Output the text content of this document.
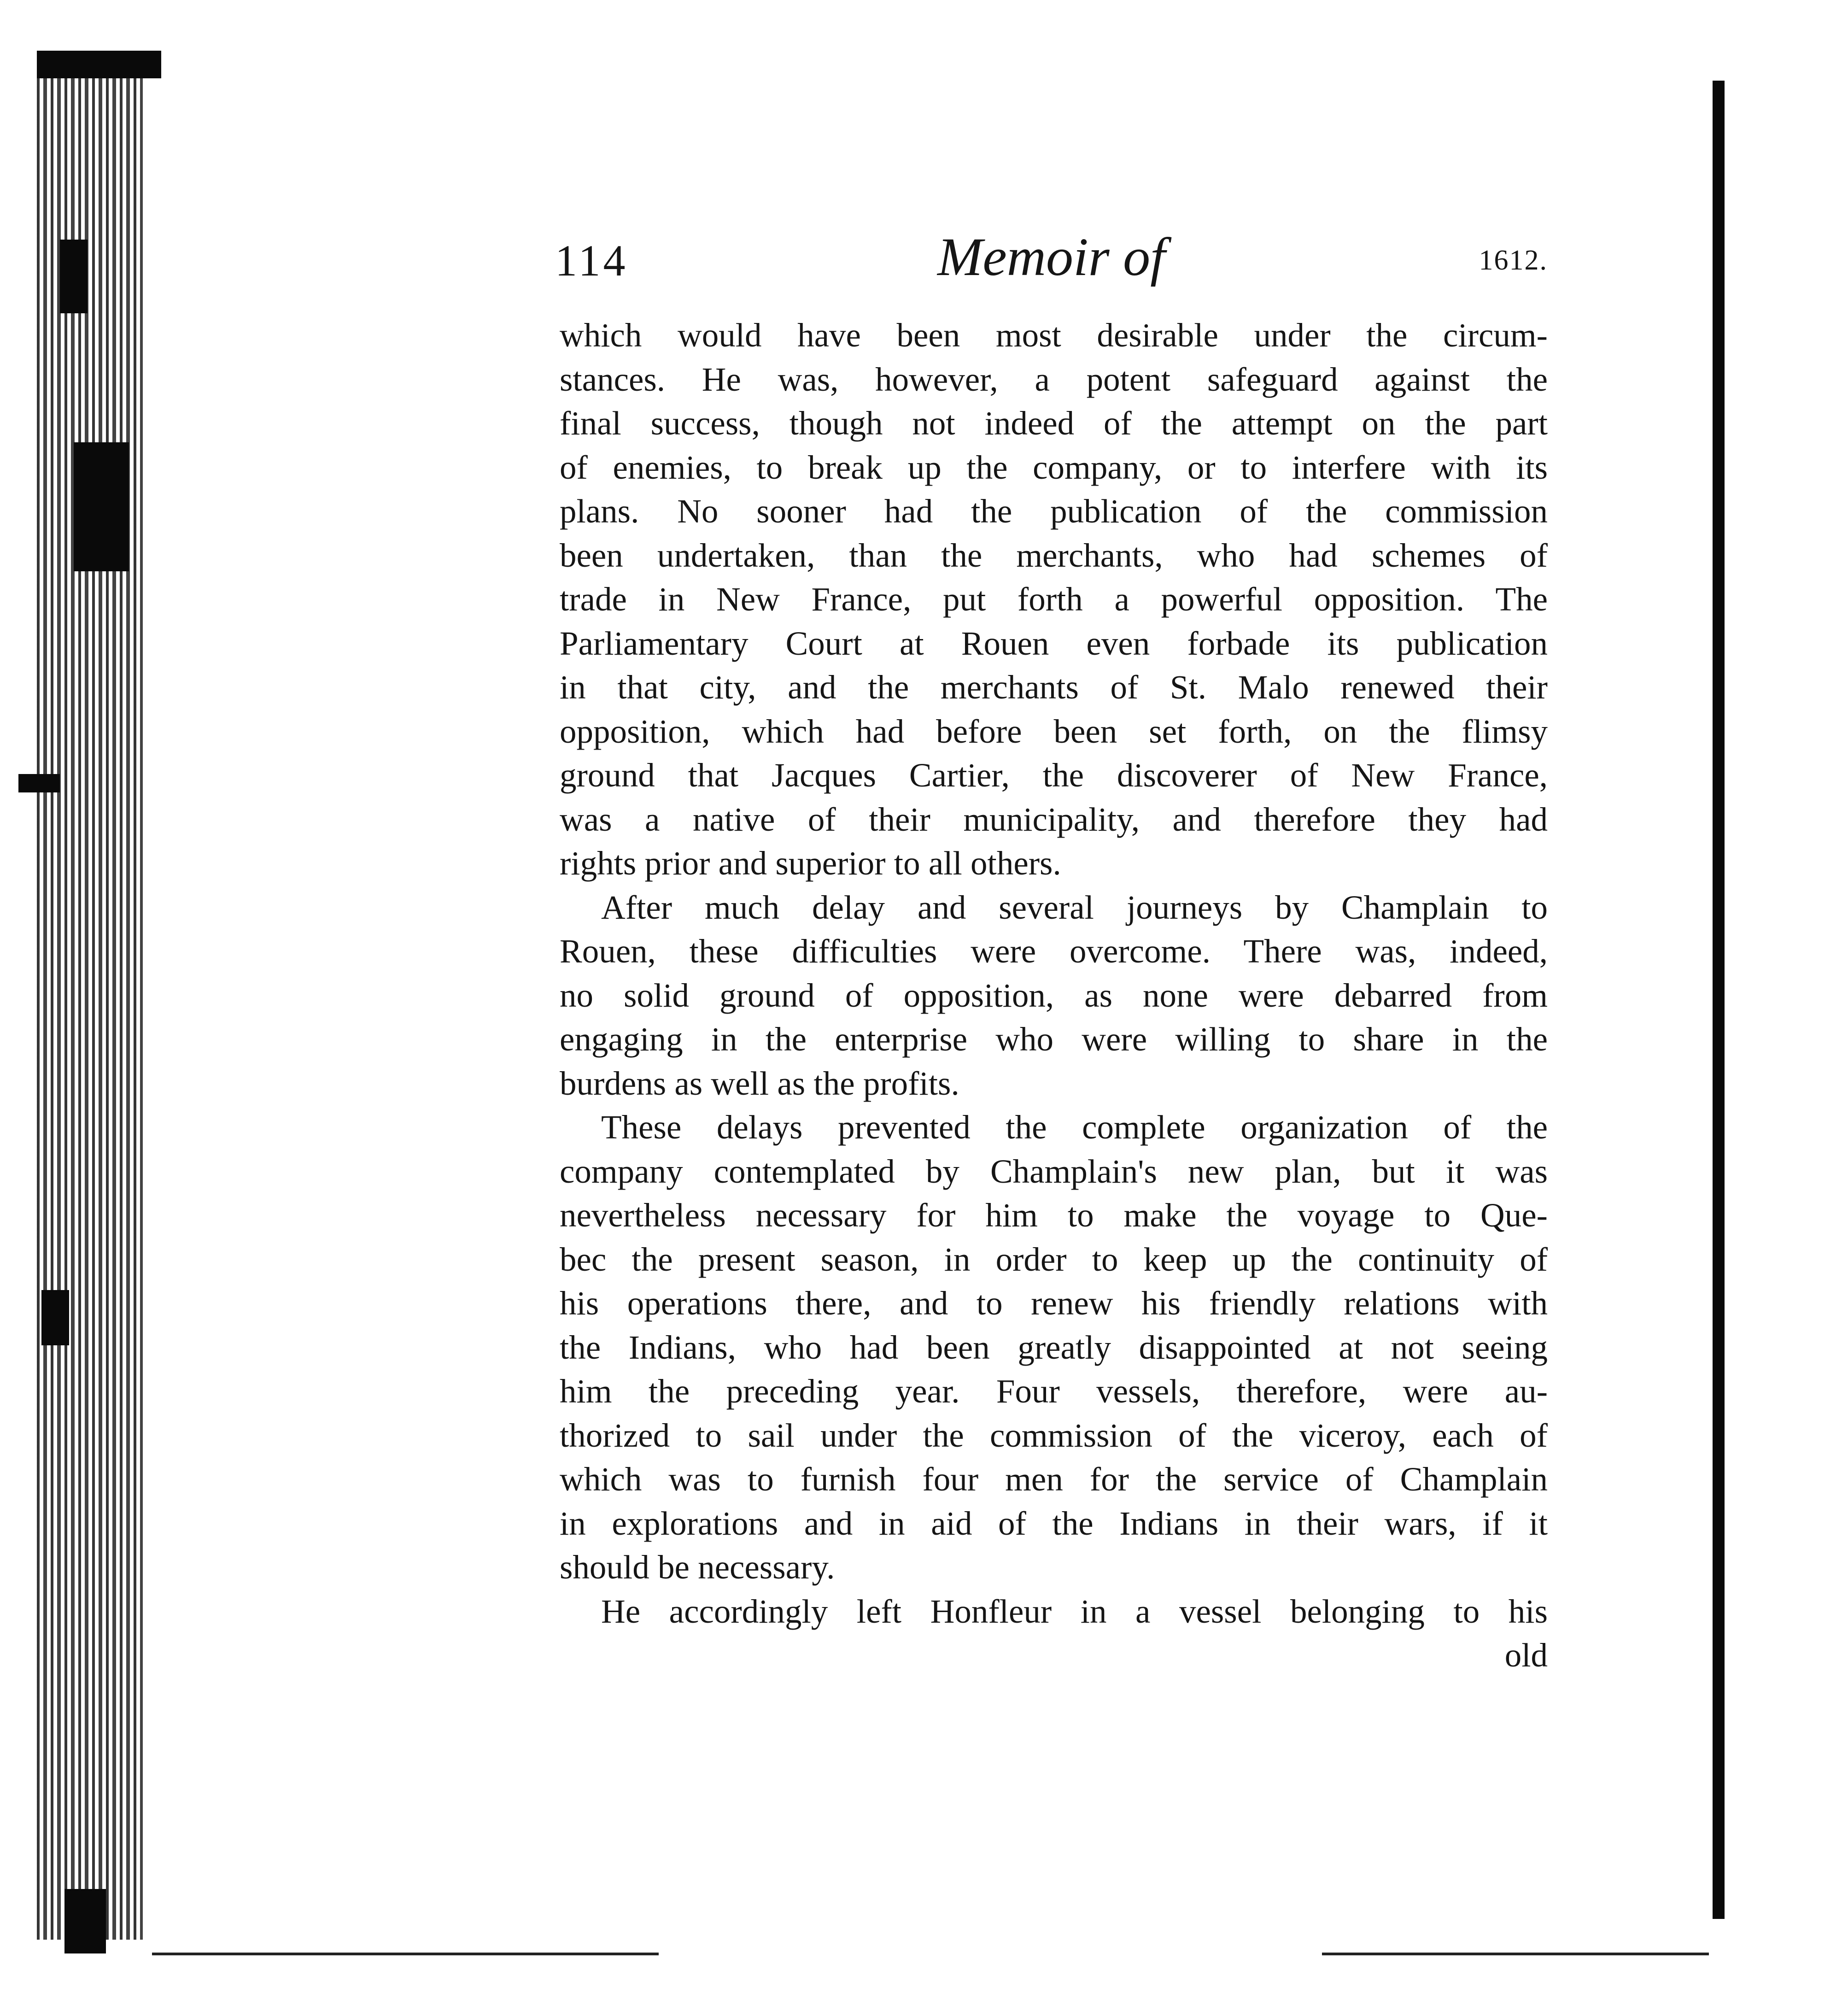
114	Memoir of	1612.

which would have been most desirable under the circum-

stances. He was, however, a potent safeguard against the

final success, though not indeed of the attempt on the part

of enemies, to break up the company, or to interfere with its

plans. No sooner had the publication of the commission

been undertaken, than the merchants, who had schemes of

trade in New France, put forth a powerful opposition. The

Parliamentary Court at Rouen even forbade its publication

in that city, and the merchants of St. Malo renewed their

opposition, which had before been set forth, on the flimsy

ground that Jacques Cartier, the discoverer of New France,

was a native of their municipality, and therefore they had

rights prior and superior to all others.

After much delay and several journeys by Champlain to

Rouen, these difficulties were overcome. There was, indeed,

no solid ground of opposition, as none were debarred from

engaging in the enterprise who were willing to share in the

burdens as well as the profits.

These delays prevented the complete organization of the

company contemplated by Champlain's new plan, but it was

nevertheless necessary for him to make the voyage to Que-

bec the present season, in order to keep up the continuity of

his operations there, and to renew his friendly relations with

the Indians, who had been greatly disappointed at not seeing

him the preceding year. Four vessels, therefore, were au-

thorized to sail under the commission of the viceroy, each of

which was to furnish four men for the service of Champlain

in explorations and in aid of the Indians in their wars, if it

should be necessary.

He accordingly left Honfleur in a vessel belonging to his

old
